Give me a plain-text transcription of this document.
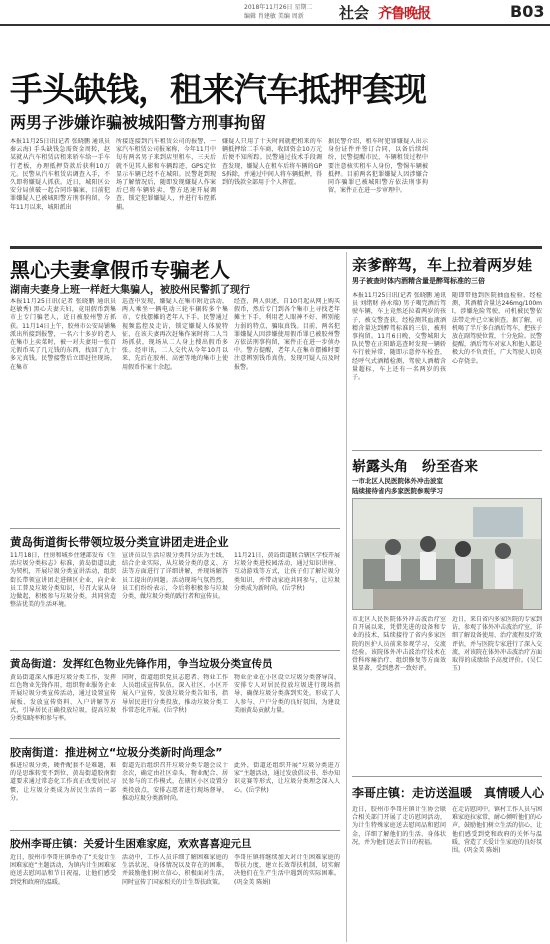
2018年11月26日 星期二
编辑 肖建敏 美编 周新	社会 齐鲁晚报	B03
手头缺钱，租来汽车抵押套现
两男子涉嫌诈骗被城阳警方刑事拘留
本报11月25日讯(记者 张晓鹏 通讯员 秦云海) 手头缺钱急需资金周转，赵某就从汽车租赁店租来轿车给一手车行老板，办理抵押贷款后获利10万元。民警从汽车租赁店调查入手，不久即将嫌疑人抓获。近日，城阳区公安分局侦破一起合同诈骗案，目前犯罪嫌疑人已被城阳警方刑事拘留。今年11月以来，城阳派出
所接连接到汽车租赁公司的报警，一家汽车租赁公司报案称，今年11月中旬有两名男子来到店里租车，三天后就不见其人影和车辆踪迹，GPS定位显示车辆已经不在城阳。民警赶到现场了解情况后，随即发现嫌疑人作案后已将车辆转卖，警方迅速开展调查，锁定犯罪嫌疑人，并进行布控抓捕。
嫌疑人只用了十天时间就把租来的车辆抵押给二手车商，收回资金10万元后便不知所踪。民警通过技术手段调查发现，嫌疑人在租车后将车辆的GPS拆除，并通过中间人将车辆抵押，得到的钱款全部用于个人挥霍。
据民警介绍，租车时犯罪嫌疑人出示身份证件并签订合同，以备后续纠纷，民警提醒市民，车辆租赁过程中要注意核实租车人身份，警惕车辆被抵押。目前两名犯罪嫌疑人因涉嫌合同诈骗罪已被城阳警方依法刑事拘留，案件正在进一步审理中。
黑心夫妻拿假币专骗老人
湖南夫妻身上班一样赶大集骗人，被胶州民警抓了现行
本报11月25日讯(记者 张晓鹏 通讯员 赵敏秀) 黑心夫妻夫妇，竟用假币到集市上专门骗老人，近日被胶州警方抓获。11月14日上午，胶州市公安局铺集派出所接到报警，一名六十多岁的老人在集市上卖菜时，被一对夫妻用一张百元假币买了几元钱的东西，找回了九十多元真钱。民警接警后立即赶往现场，在集市
巡查中发现，嫌疑人在集市附近活动，两人乘坐一辆电动三轮车辗转多个集市，专找摆摊的老年人下手。民警通过视频监控及走访，锁定嫌疑人体貌特征，在该夫妻再次赶集作案时将二人当场抓获，现场从二人身上搜出假币多张。经审讯，二人交代从今年10月以来，先后在胶州、高密等地的集市上使用假币作案十余起。
经查，两人供述，自10月起从网上购买假币，然后专门到各个集市上寻找老年摊主下手，利用老人眼神不好、辨别能力弱的特点，骗取真钱。目前，两名犯罪嫌疑人因涉嫌使用假币罪已被胶州警方依法刑事拘留，案件正在进一步侦办中。警方提醒，老年人在集市摆摊时要注意辨别钱币真伪，发现可疑人员及时报警。
亲爹醉驾，车上拉着两岁娃
男子被查时体内酒精含量是醉驾标准的三倍
本报11月25日讯(记者 张晓鹏 通讯员 刘绪财 孙永瑞) 男子喝完酒后驾驶车辆，车上竟然还拉着两岁的孩子，被交警查获，经检测其血液酒精含量达到醉驾标准的三倍，被刑事拘留。11月6日晚，交警城阳大队民警在正阳路巡查时发现一辆轿车行驶异常，随即示意停车检查，经呼气式酒精检测，驾驶人酒精含量超标，车上还有一名两岁的孩子。
随即带他到医院抽血检验，经检测，其酒精含量达246mg/100ml，涉嫌危险驾驶，司机被民警依法带走并已立案侦查。据了解，司机喝了半斤多白酒后驾车，把孩子放在副驾驶位置，十分危险。民警提醒，酒后驾车对家人和他人都是极大的不负责任，广大驾驶人切莫心存侥幸。
崭露头角　纷至沓来
一市北区人民医院体外冲击波室
陆续接待省内多家医院参观学习
市北区人民医院体外冲击波治疗室自开展以来，凭借先进的设备和专业的技术，陆续接待了省内多家医院的医护人员前来参观学习，交流经验。该院体外冲击波治疗技术在骨科疼痛治疗、组织修复等方面效果显著，受到患者一致好评。
近日，来自省内多家医院的专家到访，参观了体外冲击波治疗室，详细了解设备使用、治疗流程及疗效评估，并与医院专家进行了深入交流，对该院在体外冲击波治疗方面取得的成绩给予高度评价。(吴仁玉)
李哥庄镇：走访送温暖　真情暖人心
近日，胶州市李哥庄镇计生协会联合相关部门开展了走访慰问活动，为计生特殊家庭送去慰问品和慰问金，详细了解他们的生活、身体状况，并为他们送去节日的祝福。
在走访慰问中，镇村工作人员与困难家庭拉家常，耐心倾听他们的心声，鼓励他们树立生活的信心，让他们感受到党和政府的关怀与温暖，营造了关爱计生家庭的良好氛围。(巩金美 陈娟)
黄岛街道街长带领垃圾分类宣讲团走进企业
11月18日，住房和城乡住建部发布《生活垃圾分类标志》标准，黄岛街道以此为契机，开展垃圾分类宣讲活动，组织街长带领宣讲团走进辖区企业，向企业员工普及垃圾分类知识，号召大家从身边做起，积极参与垃圾分类，共同营造整洁优美的生活环境。
宣讲员以生活垃圾分类四分法为主线，结合企业实际，从垃圾分类的意义、方法等方面进行了详细讲解，并现场解答员工提出的问题。活动现场气氛热烈，员工们纷纷表示，今后将积极参与垃圾分类，做垃圾分类的践行者和宣传员。
11月21日，黄岛街道联合辖区学校开展垃圾分类进校园活动，通过知识讲座、互动游戏等方式，让孩子们了解垃圾分类知识，并带动家庭共同参与，让垃圾分类成为新时尚。(岳学秋)
黄岛街道：发挥红色物业先锋作用，争当垃圾分类宣传员
黄岛街道深入推进垃圾分类工作，发挥红色物业先锋作用，组织物业服务企业开展垃圾分类宣传活动，通过设置宣传展板、发放宣传资料、入户讲解等方式，引导居民正确投放垃圾，提高垃圾分类知晓率和参与率。
同时，街道组织党员志愿者、物业工作人员组成宣传队伍，深入社区、小区开展入户宣传，发放垃圾分类告知书，指导居民进行分类投放，推动垃圾分类工作常态化开展。(岳学秋)
物业企业在小区设立垃圾分类督导岗，安排专人对居民投放垃圾进行现场指导，确保垃圾分类落到实处，形成了人人参与、户户分类的良好氛围，为建设美丽黄岛贡献力量。
胶南街道：推进树立“垃圾分类新时尚理念”
推进垃圾分类，硬件配套不是难题，难的是思维转变不到位，黄岛街道胶南街道要求通过常态化工作真正改变居民习惯，让垃圾分类成为居民生活的一部分。
街道先后组织召开垃圾分类专题会议十余次，确定由社区牵头、物业配合、居民参与的工作模式，在辖区小区设置分类投放点，安排志愿者进行现场督导，推动垃圾分类新时尚。
此外，街道还组织开展“垃圾分类进万家”主题活动，通过发放倡议书、举办知识竞赛等形式，让垃圾分类理念深入人心。(岳学秋)
胶州李哥庄镇：关爱计生困难家庭，欢欢喜喜迎元旦
近日，胶州市李哥庄镇举办了“关爱计生困难家庭”主题活动，为镇内计生困难家庭送去慰问品和节日祝福，让他们感受到党和政府的温暖。
活动中，工作人员详细了解困难家庭的生活状况、身体情况以及存在的困难，并鼓励他们树立信心，积极面对生活，同时宣传了国家相关的计生帮扶政策。
李哥庄镇将继续加大对计生困难家庭的帮扶力度，建立长效帮扶机制，切实解决他们在生产生活中遇到的实际困难。(巩金美 陈娟)
